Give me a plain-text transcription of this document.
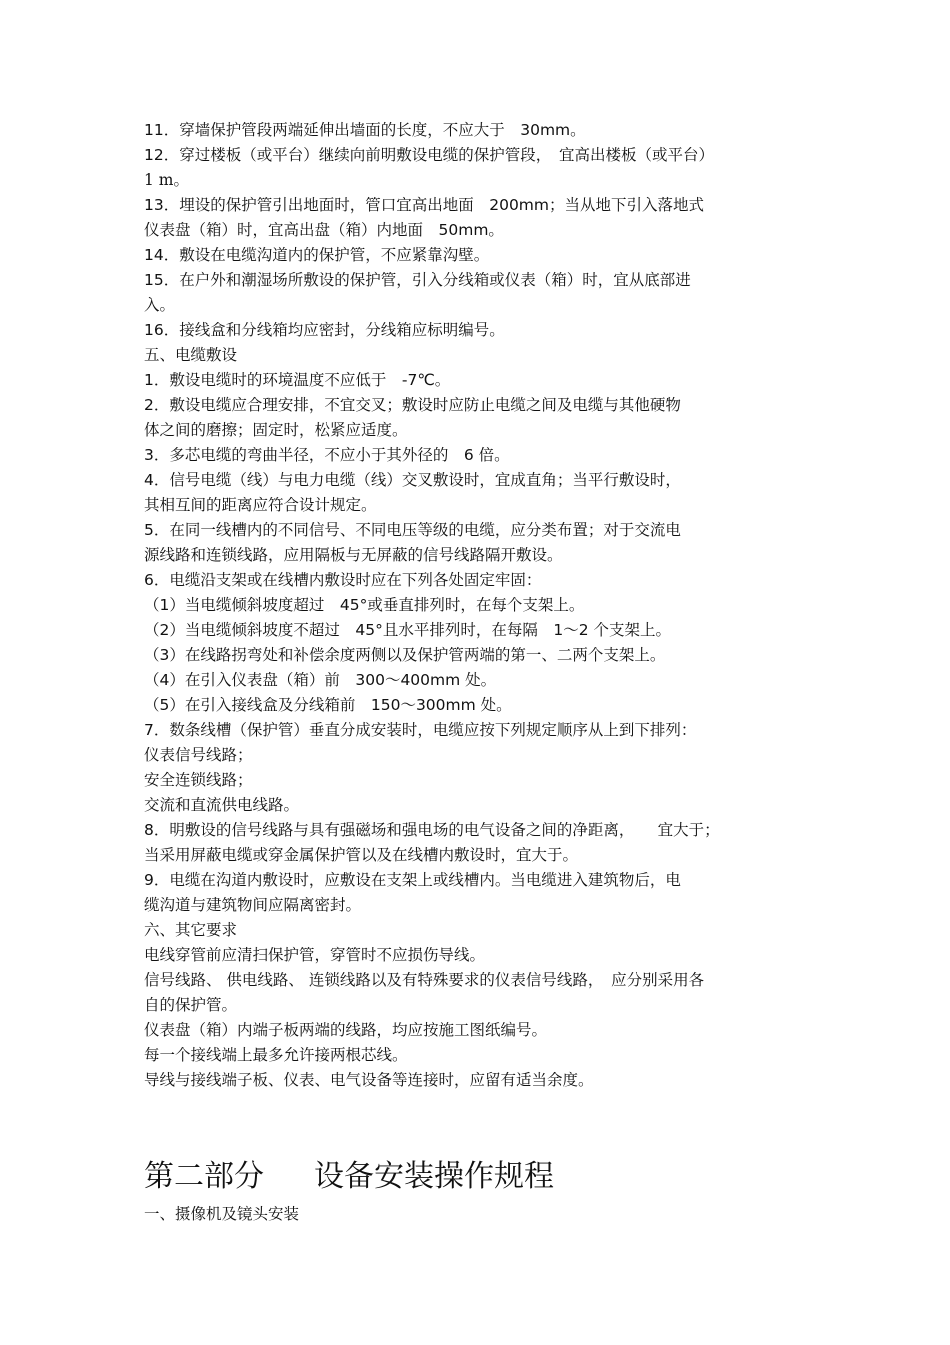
11．穿墙保护管段两端延伸出墙面的长度，不应大于　30mm。
12．穿过楼板（或平台）继续向前明敷设电缆的保护管段，　宜高出楼板（或平台）
1 m。
13．埋设的保护管引出地面时，管口宜高出地面　200mm；当从地下引入落地式
仪表盘（箱）时，宜高出盘（箱）内地面　50mm。
14．敷设在电缆沟道内的保护管，不应紧靠沟壁。
15．在户外和潮湿场所敷设的保护管，引入分线箱或仪表（箱）时，宜从底部进
入。
16．接线盒和分线箱均应密封，分线箱应标明编号。
五、电缆敷设
1．敷设电缆时的环境温度不应低于　-7℃。
2．敷设电缆应合理安排，不宜交叉；敷设时应防止电缆之间及电缆与其他硬物
体之间的磨擦；固定时，松紧应适度。
3．多芯电缆的弯曲半径，不应小于其外径的　6 倍。
4．信号电缆（线）与电力电缆（线）交叉敷设时，宜成直角；当平行敷设时，
其相互间的距离应符合设计规定。
5．在同一线槽内的不同信号、不同电压等级的电缆，应分类布置；对于交流电
源线路和连锁线路，应用隔板与无屏蔽的信号线路隔开敷设。
6．电缆沿支架或在线槽内敷设时应在下列各处固定牢固：
（1）当电缆倾斜坡度超过　45°或垂直排列时，在每个支架上。
（2）当电缆倾斜坡度不超过　45°且水平排列时，在每隔　1～2 个支架上。
（3）在线路拐弯处和补偿余度两侧以及保护管两端的第一、二两个支架上。
（4）在引入仪表盘（箱）前　300～400mm 处。
（5）在引入接线盒及分线箱前　150～300mm 处。
7．数条线槽（保护管）垂直分成安装时，电缆应按下列规定顺序从上到下排列：
仪表信号线路；
安全连锁线路；
交流和直流供电线路。
8．明敷设的信号线路与具有强磁场和强电场的电气设备之间的净距离，　　宜大于；
当采用屏蔽电缆或穿金属保护管以及在线槽内敷设时，宜大于。
9．电缆在沟道内敷设时，应敷设在支架上或线槽内。当电缆进入建筑物后，电
缆沟道与建筑物间应隔离密封。
六、其它要求
电线穿管前应清扫保护管，穿管时不应损伤导线。
信号线路、 供电线路、 连锁线路以及有特殊要求的仪表信号线路，　应分别采用各
自的保护管。
仪表盘（箱）内端子板两端的线路，均应按施工图纸编号。
每一个接线端上最多允许接两根芯线。
导线与接线端子板、仪表、电气设备等连接时，应留有适当余度。
第二部分 设备安装操作规程
一、摄像机及镜头安装
